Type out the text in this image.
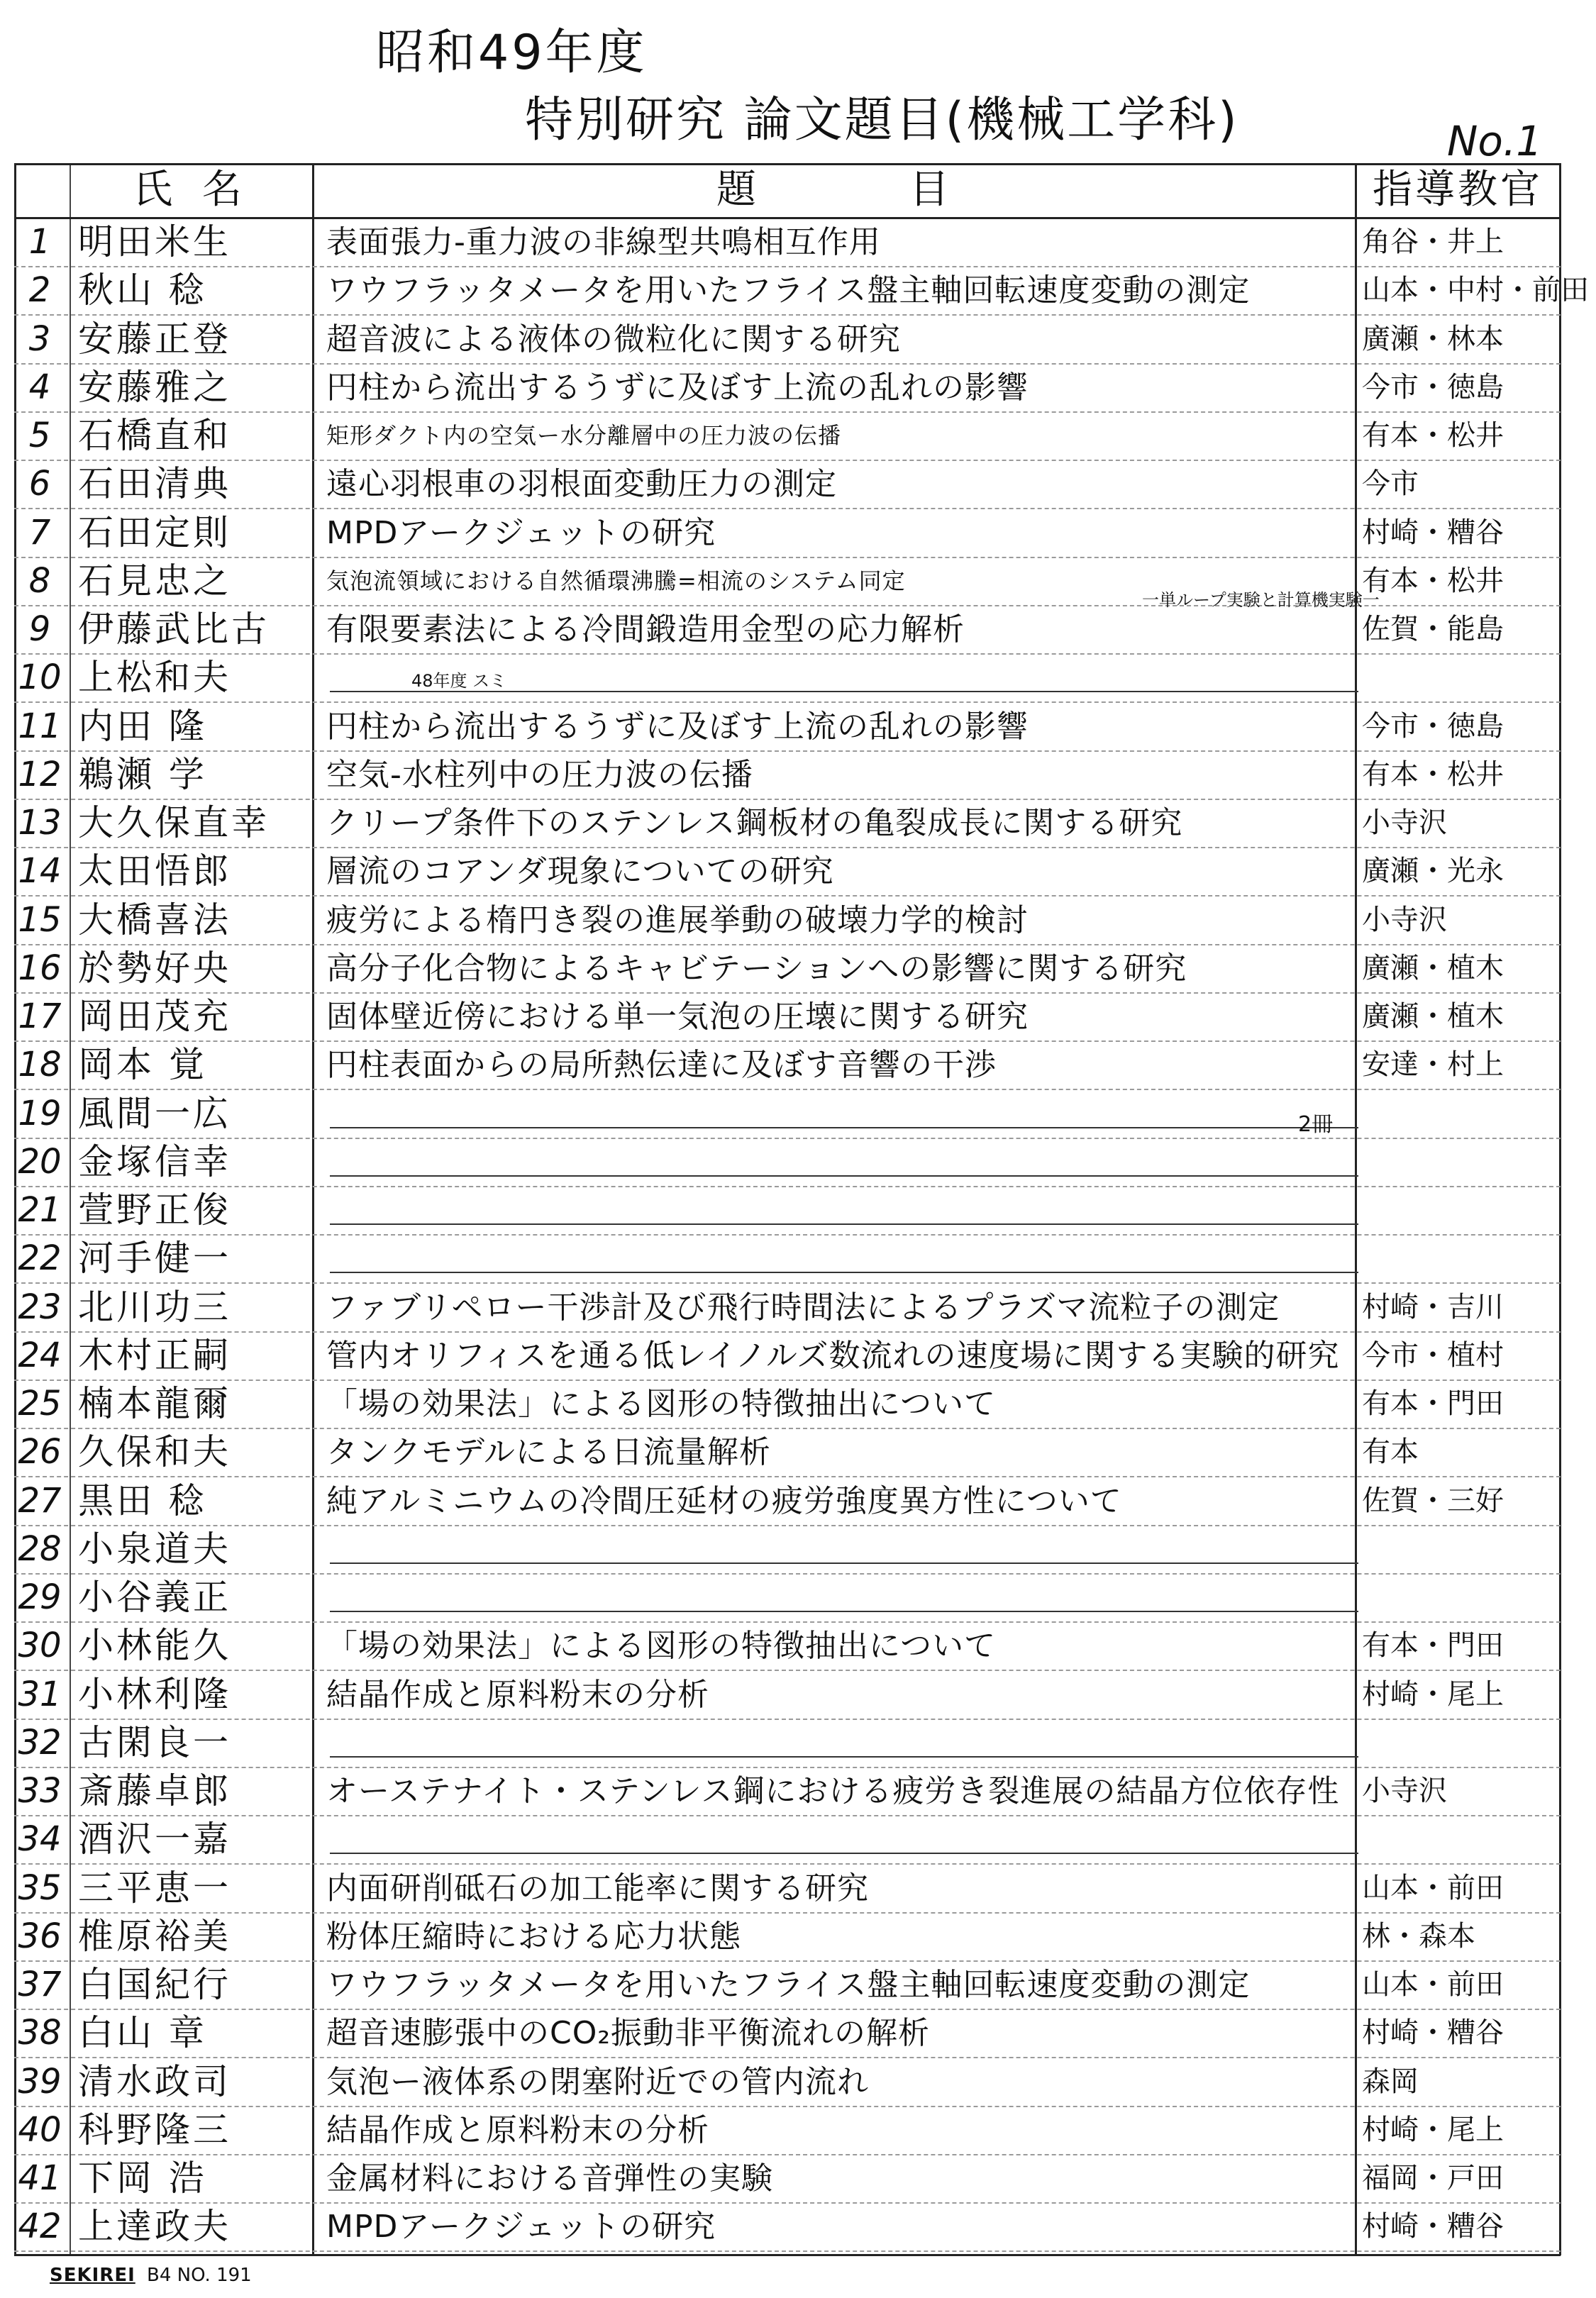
昭和49年度
特別研究 論文題目(機械工学科)	No.1
氏 名	題　　　目	指導教官
1 明田米生	表面張力-重力波の非線型共鳴相互作用	角谷・井上
2 秋山 稔	ワウフラッタメータを用いたフライス盤主軸回転速度変動の測定	山本・中村・前田
3 安藤正登	超音波による液体の微粒化に関する研究	廣瀬・林本
4 安藤雅之	円柱から流出するうずに及ぼす上流の乱れの影響	今市・徳島
5 石橋直和	矩形ダクト内の空気ー水分離層中の圧力波の伝播	有本・松井
6 石田清典	遠心羽根車の羽根面変動圧力の測定	今市
7 石田定則	MPDアークジェットの研究	村崎・糟谷
8 石見忠之	気泡流領域における自然循環沸騰=相流のシステム同定	有本・松井
9 伊藤武比古	有限要素法による冷間鍛造用金型の応力解析	佐賀・能島
10 上松和夫
11 内田 隆	円柱から流出するうずに及ぼす上流の乱れの影響	今市・徳島
12 鵜瀬 学	空気-水柱列中の圧力波の伝播	有本・松井
13 大久保直幸	クリープ条件下のステンレス鋼板材の亀裂成長に関する研究	小寺沢
14 太田悟郎	層流のコアンダ現象についての研究	廣瀬・光永
15 大橋喜法	疲労による楕円き裂の進展挙動の破壊力学的検討	小寺沢
16 於勢好央	高分子化合物によるキャビテーションへの影響に関する研究	廣瀬・植木
17 岡田茂充	固体壁近傍における単一気泡の圧壊に関する研究	廣瀬・植木
18 岡本 覚	円柱表面からの局所熱伝達に及ぼす音響の干渉	安達・村上
19 風間一広
20 金塚信幸
21 萱野正俊
22 河手健一
23 北川功三	ファブリペロー干渉計及び飛行時間法によるプラズマ流粒子の測定	村崎・吉川
24 木村正嗣	管内オリフィスを通る低レイノルズ数流れの速度場に関する実験的研究 今市・植村
25 楠本龍爾	「場の効果法」による図形の特徴抽出について	有本・門田
26 久保和夫	タンクモデルによる日流量解析	有本
27 黒田 稔	純アルミニウムの冷間圧延材の疲労強度異方性について	佐賀・三好
28 小泉道夫
29 小谷義正
30 小林能久	「場の効果法」による図形の特徴抽出について	有本・門田
31 小林利隆	結晶作成と原料粉末の分析	村崎・尾上
32 古閑良一
33 斎藤卓郎	オーステナイト・ステンレス鋼における疲労き裂進展の結晶方位依存性 小寺沢
34 酒沢一嘉
35 三平恵一	内面研削砥石の加工能率に関する研究	山本・前田
36 椎原裕美	粉体圧縮時における応力状態	林・森本
37 白国紀行	ワウフラッタメータを用いたフライス盤主軸回転速度変動の測定	山本・前田
38 白山 章	超音速膨張中のCO₂振動非平衡流れの解析	村崎・糟谷
39 清水政司	気泡ー液体系の閉塞附近での管内流れ	森岡
40 科野隆三	結晶作成と原料粉末の分析	村崎・尾上
41 下岡 浩	金属材料における音弾性の実験	福岡・戸田
42 上達政夫	MPDアークジェットの研究	村崎・糟谷
一単ループ実験と計算機実験一
48年度 スミ
2冊
SEKIREI B4 NO. 191
